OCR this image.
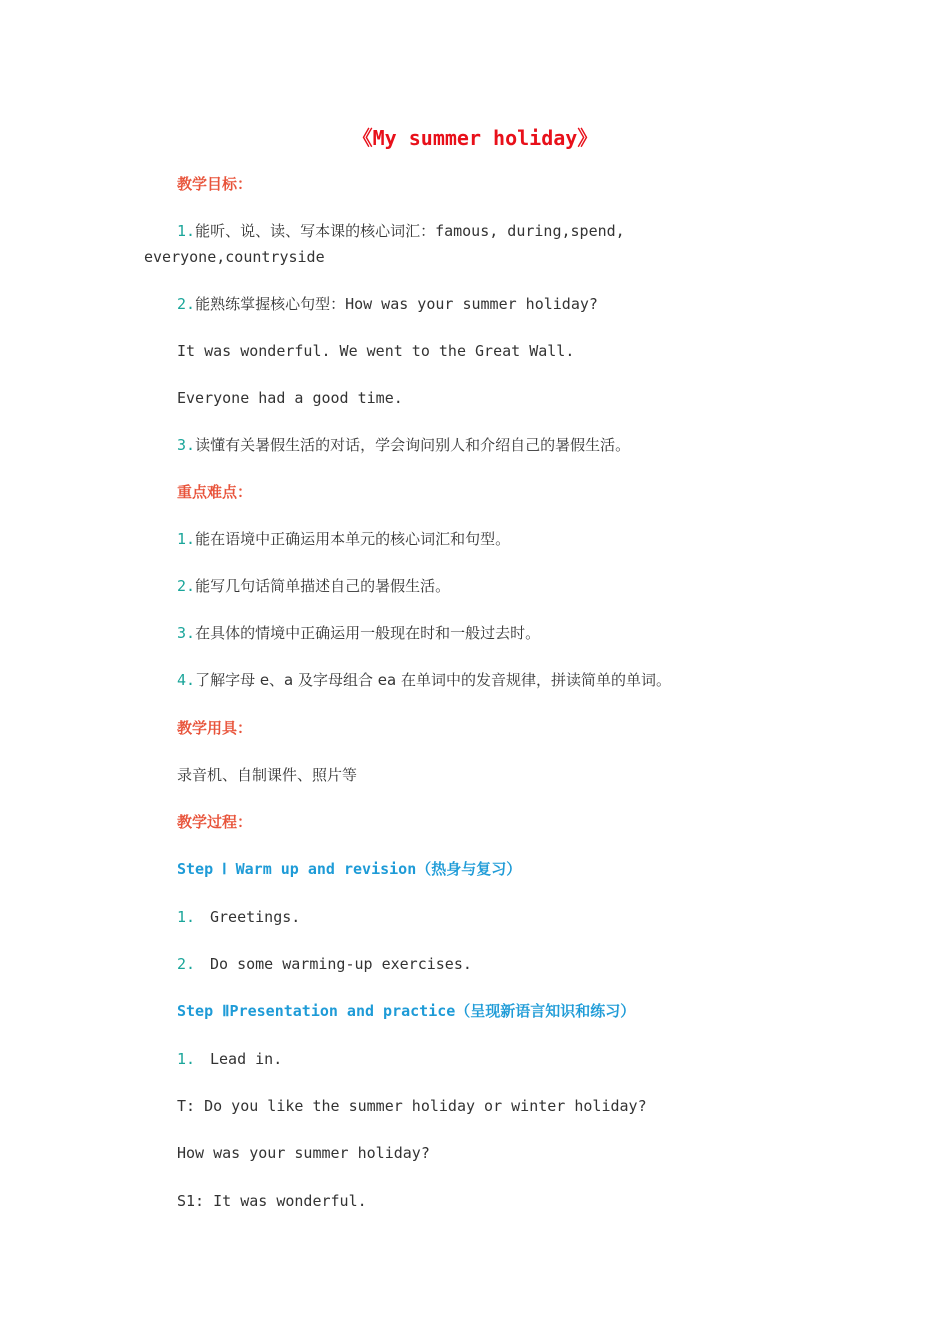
《My summer holiday》
教学目标：
1.能听、说、读、写本课的核心词汇：famous, during,spend,
everyone,countryside
2.能熟练掌握核心句型：How was your summer holiday?
It was wonderful. We went to the Great Wall.
Everyone had a good time.
3.读懂有关暑假生活的对话，学会询问别人和介绍自己的暑假生活。
重点难点：
1.能在语境中正确运用本单元的核心词汇和句型。
2.能写几句话简单描述自己的暑假生活。
3.在具体的情境中正确运用一般现在时和一般过去时。
4.了解字母 e、a 及字母组合 ea 在单词中的发音规律，拼读简单的单词。
教学用具：
录音机、自制课件、照片等
教学过程：
Step Ⅰ Warm up and revision（热身与复习）
1. Greetings.
2. Do some warming-up exercises.
Step ⅡPresentation and practice（呈现新语言知识和练习）
1. Lead in.
T: Do you like the summer holiday or winter holiday?
How was your summer holiday?
S1: It was wonderful.
